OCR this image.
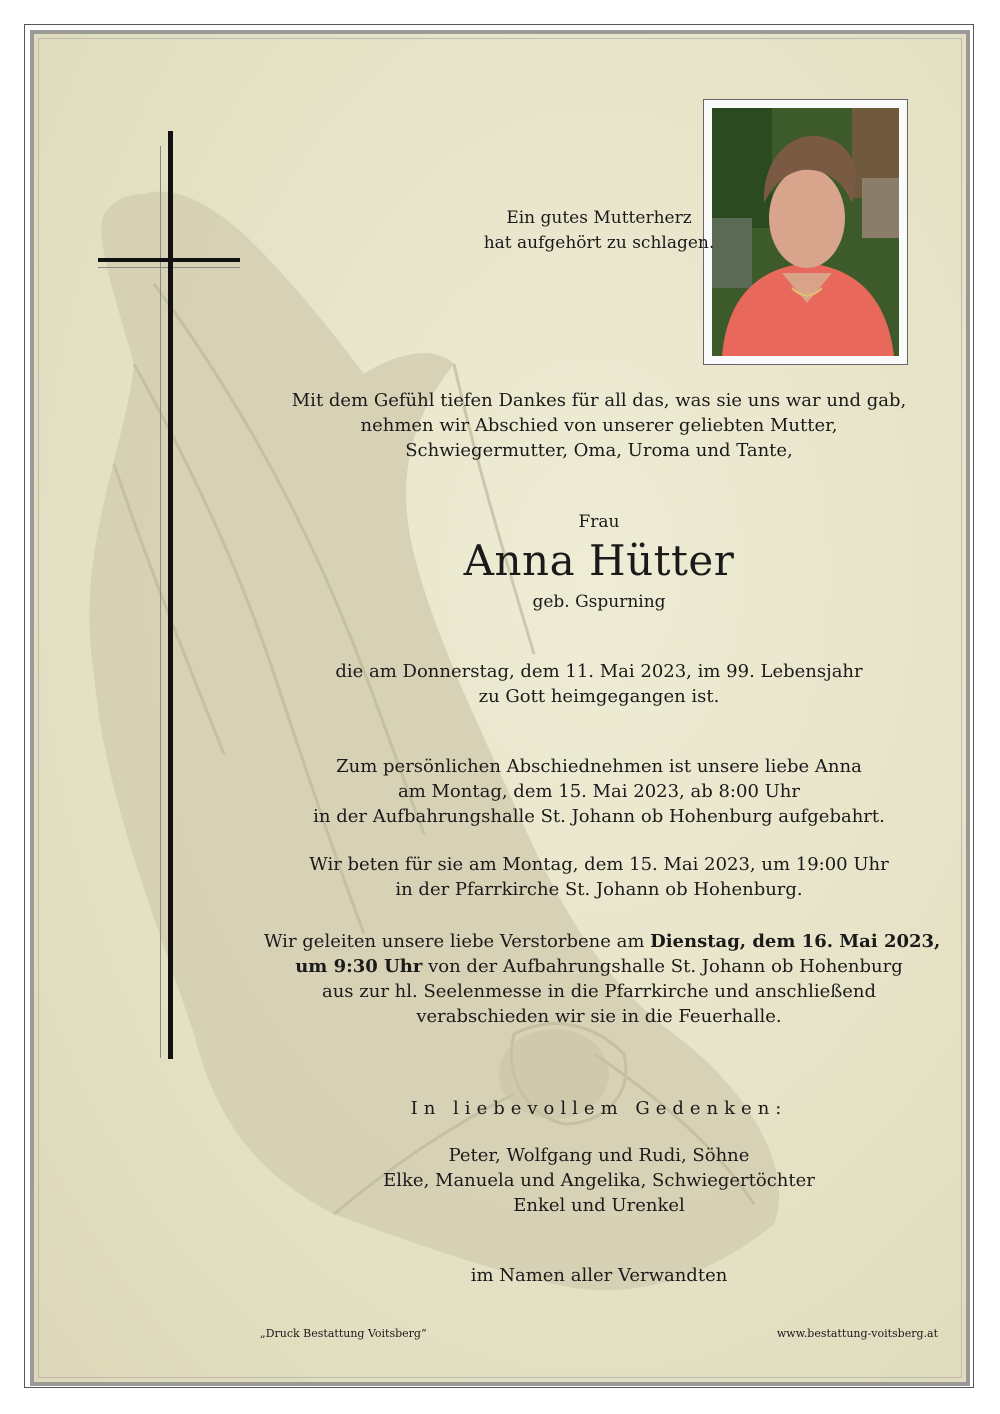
Ein gutes Mutterherz
hat aufgehört zu schlagen.

Mit dem Gefühl tiefen Dankes für all das, was sie uns war und gab,
nehmen wir Abschied von unserer geliebten Mutter,
Schwiegermutter, Oma, Uroma und Tante,

Frau

Anna Hütter

geb. Gspurning

die am Donnerstag, dem 11. Mai 2023, im 99. Lebensjahr
zu Gott heimgegangen ist.

Zum persönlichen Abschiednehmen ist unsere liebe Anna
am Montag, dem 15. Mai 2023, ab 8:00 Uhr
in der Aufbahrungshalle St. Johann ob Hohenburg aufgebahrt.

Wir beten für sie am Montag, dem 15. Mai 2023, um 19:00 Uhr
in der Pfarrkirche St. Johann ob Hohenburg.

Wir geleiten unsere liebe Verstorbene am Dienstag, dem 16. Mai 2023,
um 9:30 Uhr von der Aufbahrungshalle St. Johann ob Hohenburg
aus zur hl. Seelenmesse in die Pfarrkirche und anschließend
verabschieden wir sie in die Feuerhalle.

In liebevollem Gedenken:

Peter, Wolfgang und Rudi, Söhne
Elke, Manuela und Angelika, Schwiegertöchter
Enkel und Urenkel

im Namen aller Verwandten

„Druck Bestattung Voitsberg“	www.bestattung-voitsberg.at
